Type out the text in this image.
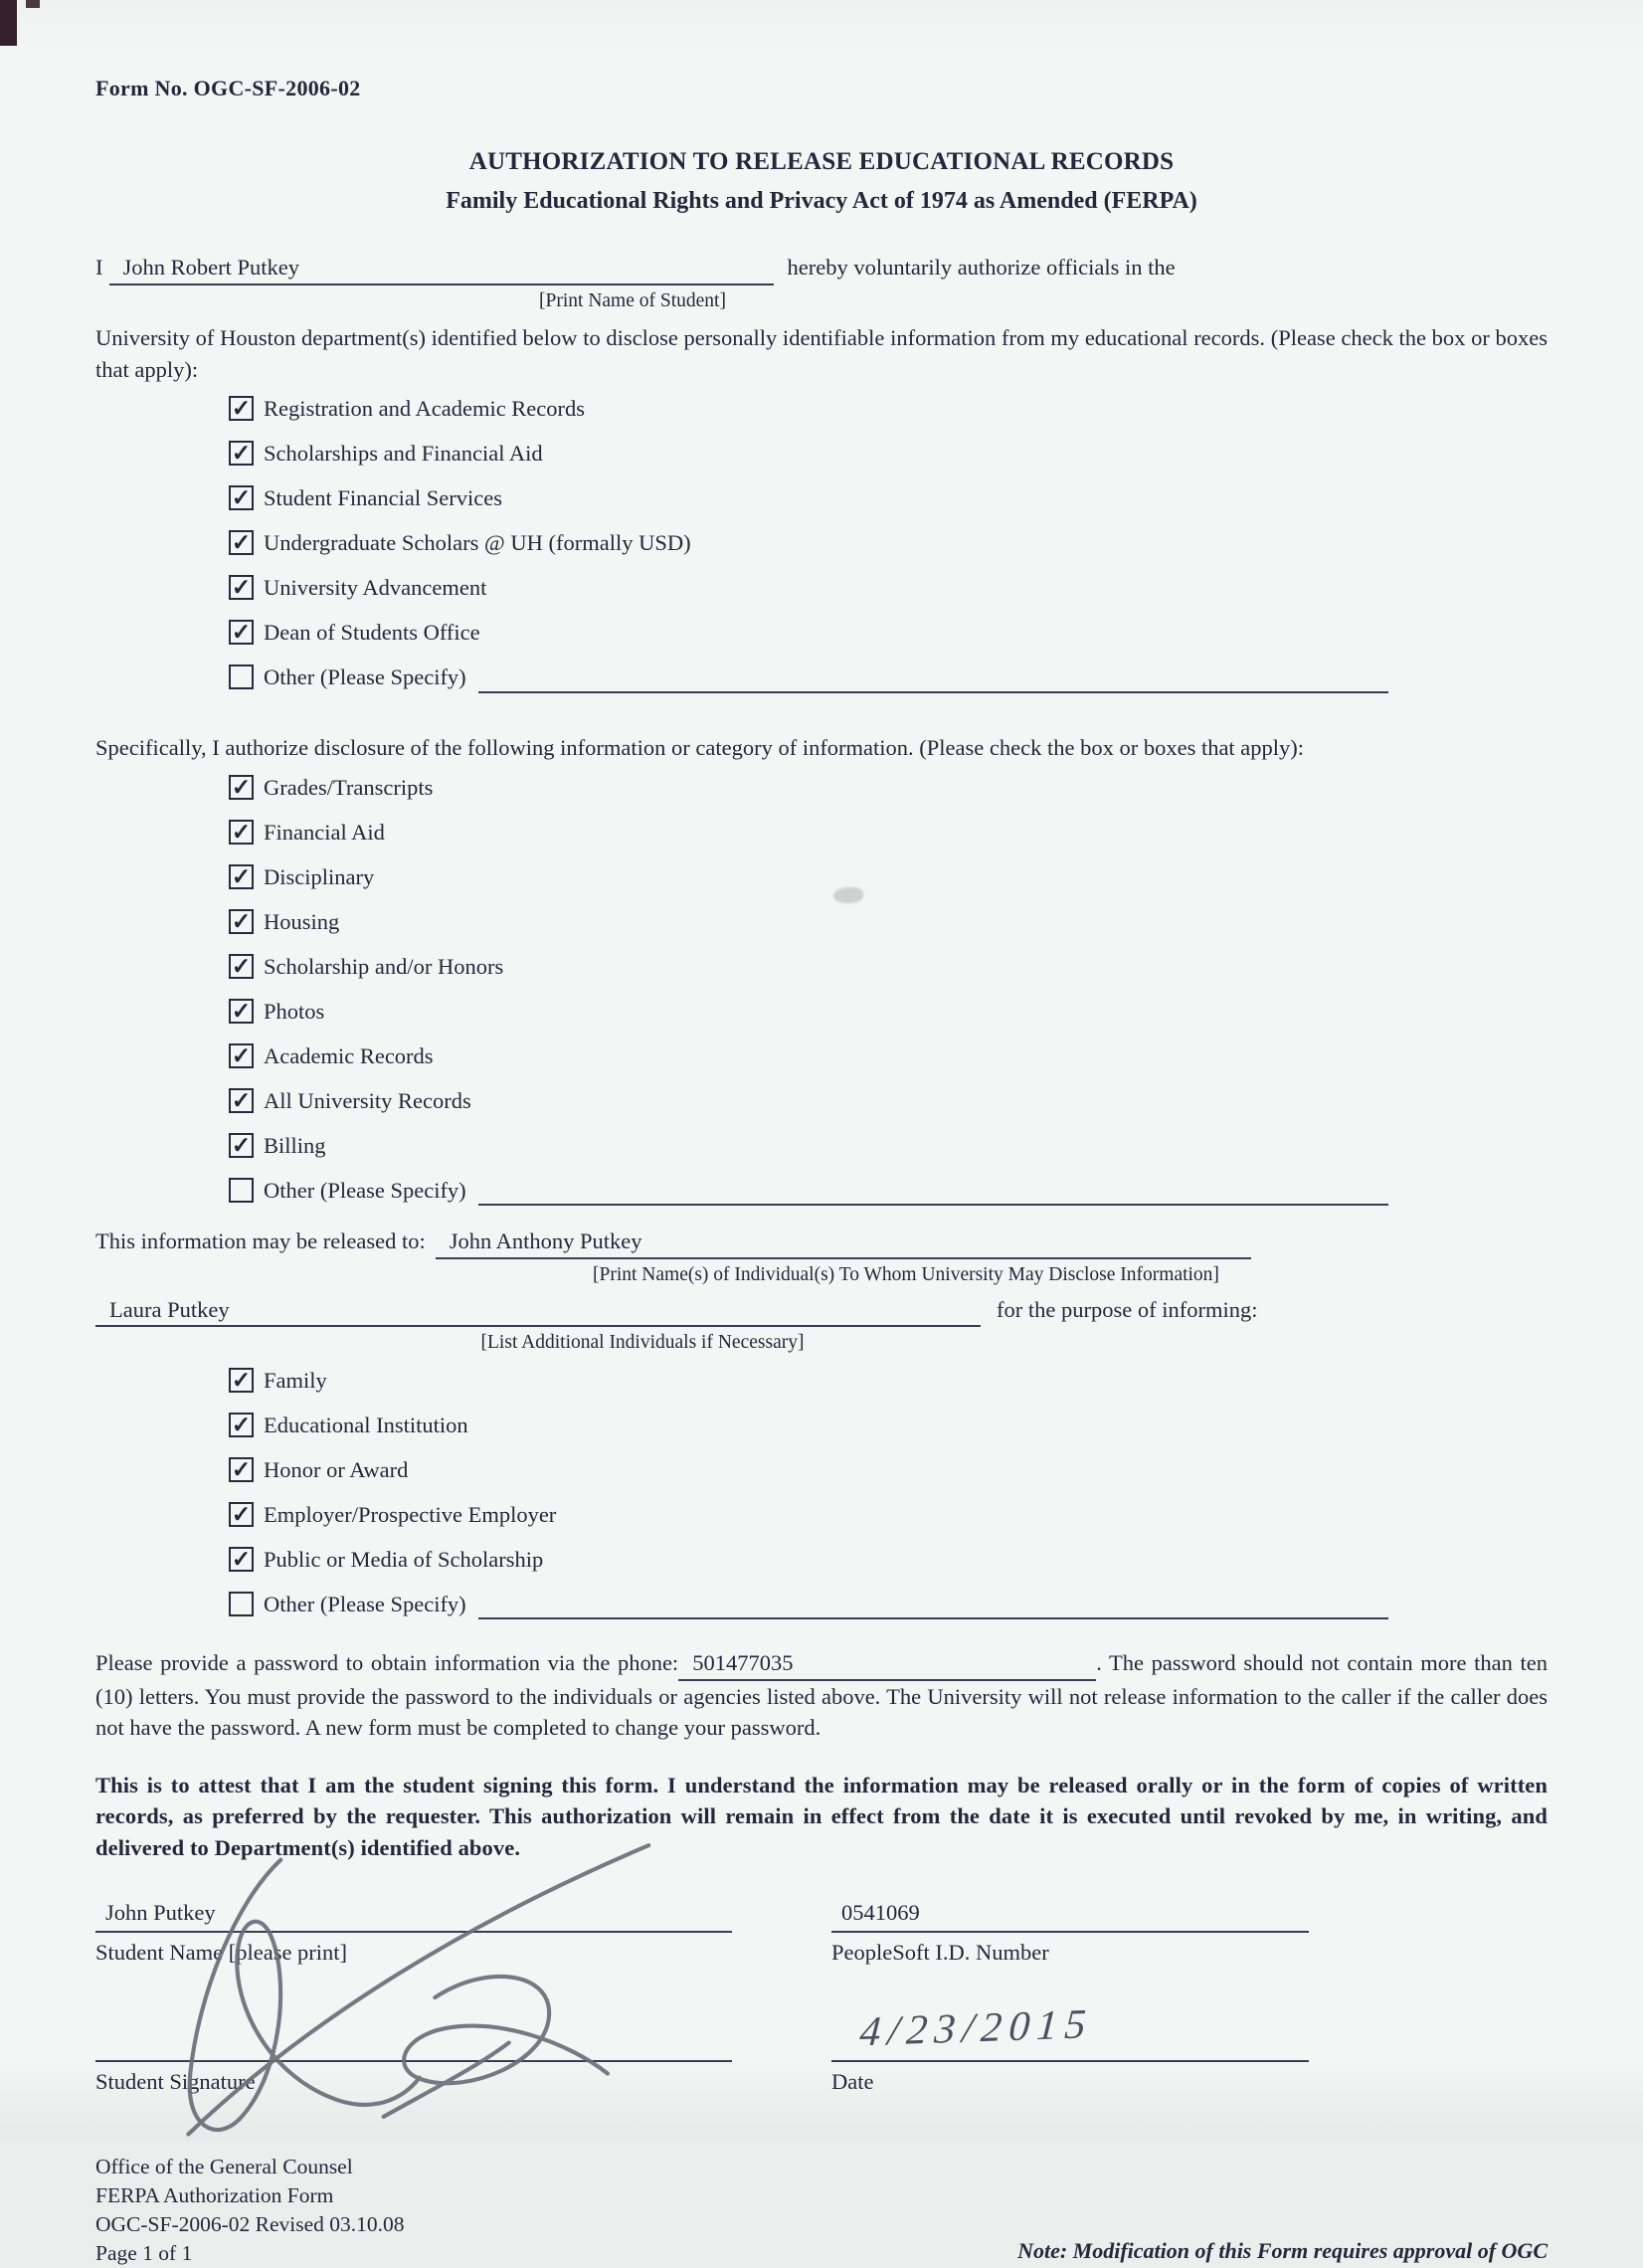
Form No. OGC-SF-2006-02
AUTHORIZATION TO RELEASE EDUCATIONAL RECORDS
Family Educational Rights and Privacy Act of 1974 as Amended (FERPA)
I John Robert Putkey	hereby voluntarily authorize officials in the
[Print Name of Student]

University of Houston department(s) identified below to disclose personally identifiable information from my educational records. (Please check the box or boxes that apply):

✓ Registration and Academic Records
✓ Scholarships and Financial Aid
✓ Student Financial Services
✓ Undergraduate Scholars @ UH (formally USD)
✓ University Advancement
✓ Dean of Students Office
Other (Please Specify)

Specifically, I authorize disclosure of the following information or category of information. (Please check the box or boxes that apply):

✓ Grades/Transcripts
✓ Financial Aid
✓ Disciplinary
✓ Housing
✓ Scholarship and/or Honors
✓ Photos
✓ Academic Records
✓ All University Records
✓ Billing
Other (Please Specify)
This information may be released to: John Anthony Putkey
[Print Name(s) of Individual(s) To Whom University May Disclose Information]
Laura Putkey	for the purpose of informing:
[List Additional Individuals if Necessary]
✓ Family
✓ Educational Institution
✓ Honor or Award
✓ Employer/Prospective Employer
✓ Public or Media of Scholarship
Other (Please Specify)

Please provide a password to obtain information via the phone: 501477035	. The password should not contain more than ten (10) letters. You must provide the password to the individuals or agencies listed above. The University will not release information to the caller if the caller does not have the password. A new form must be completed to change your password.

This is to attest that I am the student signing this form. I understand the information may be released orally or in the form of copies of written records, as preferred by the requester. This authorization will remain in effect from the date it is executed until revoked by me, in writing, and delivered to Department(s) identified above.

John Putkey
Student Name [please print]
Student Signature
0541069
PeopleSoft I.D. Number
4/23/2015
Date
Office of the General Counsel
FERPA Authorization Form
OGC-SF-2006-02 Revised 03.10.08
Page 1 of 1	Note: Modification of this Form requires approval of OGC
